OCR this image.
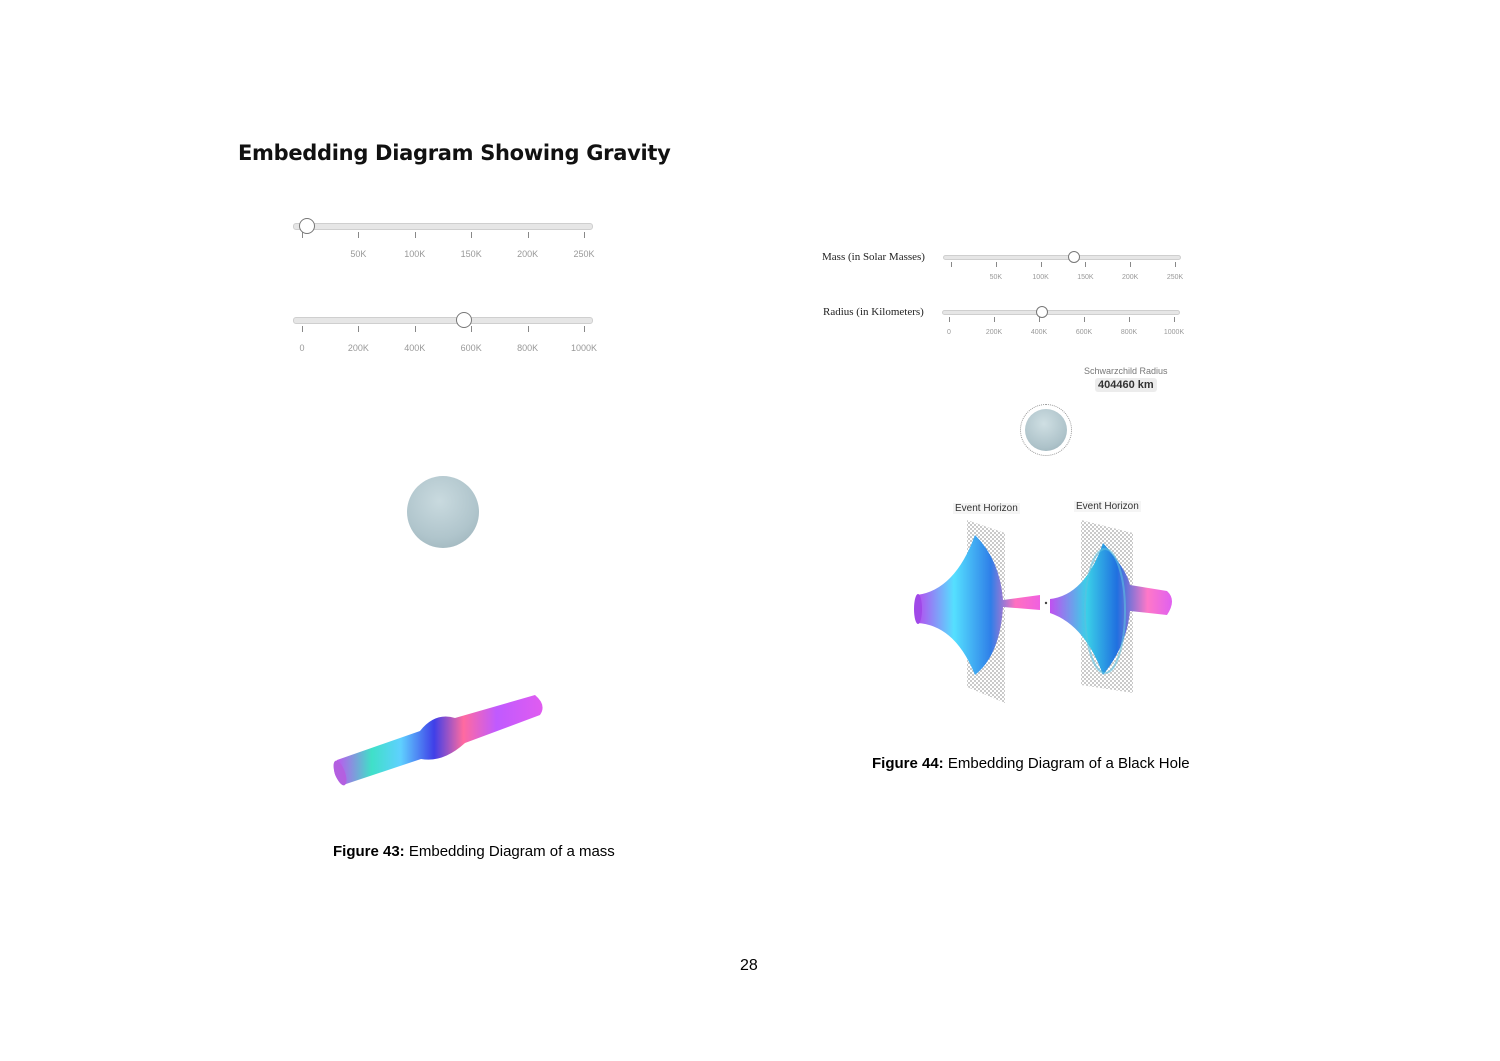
Embedding Diagram Showing Gravity
50K	100K	150K	200K	250K
0	200K	400K	600K	800K	1000K
Figure 43: Embedding Diagram of a mass
Mass (in Solar Masses)
Radius (in Kilometers)
50K	100K	150K	200K	250K
0	200K	400K	600K	800K	1000K
Schwarzchild Radius
404460 km
Event Horizon	Event Horizon
Figure 44: Embedding Diagram of a Black Hole
28
